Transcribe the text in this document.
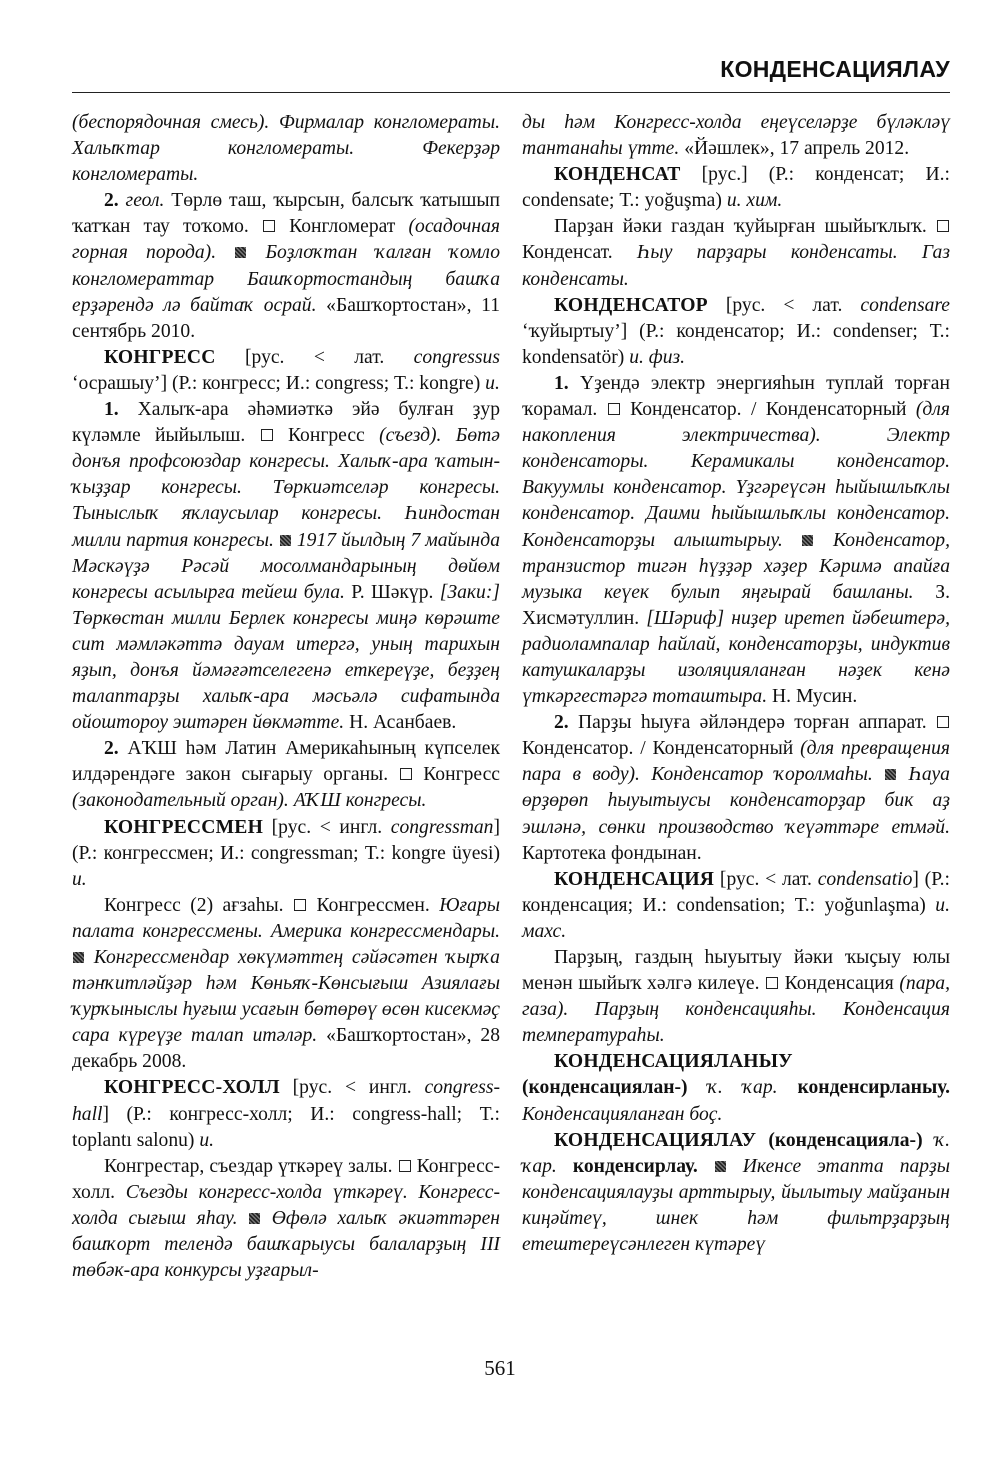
КОНДЕНСАЦИЯЛАУ

(беспорядочная смесь). Фирмалар конгломераты. Халыҡтар конгломераты. Фекерҙәр конгломераты.

2. геол. Төрлө таш, ҡырсын, балсыҡ ҡатышып ҡатҡан тау тоҡомо. Конгломерат (осадочная горная порода).	Боҙлоҡтан ҡалған ҡомло конгломераттар Башҡортостандың башҡа ерҙәрендә лә байтаҡ осрай. «Башҡортостан», 11 сентябрь 2010.

КОНГРЕСС [рус. < лат. congressus ‘осрашыу’] (Р.: конгресс; И.: congress; Т.: kongre) и.

1. Халыҡ-ара әһәмиәткә эйә булған ҙур күләмле йыйылыш. Конгресс (съезд). Бөтә донъя профсоюздар конгресы. Халыҡ-ара ҡатын-ҡыҙҙар конгресы. Төркиәтселәр конгресы. Тыныслыҡ яҡлаусылар конгресы. Һиндостан милли партия конгресы. 1917 йылдың 7 майында Мәскәүҙә Рәсәй мосолмандарының дөйөм конгресы асылырға тейеш була. Р. Шәкүр. [Заки:] Төркөстан милли Берлек конгресы миңә көрәште сит мәмләкәттә дауам итергә, уның тарихын яҙып, донъя йәмәғәтселегенә еткереүҙе, беҙҙең талаптарҙы халыҡ-ара мәсьәлә сифатында ойоштороу эштәрен йөкмәтте. Н. Асанбаев.

2. АҠШ һәм Латин Америкаһының күпселек илдәрендәге закон сығарыу органы. Конгресс (законодательный орган). АҠШ конгресы.

КОНГРЕССМЕН [рус. < ингл. congressman] (Р.: конгрессмен; И.: congressman; Т.: kongre üyesi) и.

Конгресс (2) ағзаһы. Конгрессмен. Юғары палата конгрессмены. Америка конгрессмендары.  Конгрессмендар хөкүмәттең сәйәсәтен ҡырҡа тәнҡитләйҙәр һәм Көньяҡ-Көнсығыш Азиялағы ҡурҡыныслы һуғыш усағын бөтөрөү өсөн кисекмәҫ сара күреүҙе талап итәләр. «Башҡортостан», 28 декабрь 2008.

КОНГРЕСС-ХОЛЛ [рус. < ингл. congress-hall] (Р.: конгресс-холл; И.: congress-hall; Т.: toplantı salonu) и.

Конгрестар, съездар үткәреү залы. Конгресс-холл. Съезды конгресс-холда үткәреү. Конгресс-холда сығыш яһау. Өфөлә халыҡ әкиәттәрен башҡорт телендә башҡарыусы балаларҙың III төбәк-ара конкурсы уҙғарыл-

ды һәм Конгресс-холда еңеүселәрҙе бүләкләү тантанаһы үтте. «Йәшлек», 17 апрель 2012.

КОНДЕНСАТ [рус.] (Р.: конденсат; И.: condensate; Т.: yoğuşma) и. хим.

Парҙан йәки газдан ҡуйырған шыйыҡлыҡ.  Конденсат. Һыу парҙары конденсаты. Газ конденсаты.

КОНДЕНСАТОР [рус. < лат. condensare ‘ҡуйыртыу’] (Р.: конденсатор; И.: condenser; Т.: kondensatör) и. физ.

1. Үҙендә электр энергияһын туплай торған ҡорамал. Конденсатор. / Конденсаторный (для накопления электричества). Электр конденсаторы. Керамикалы конденсатор. Вакуумлы конденсатор. Үҙгәреүсән һыйышлыҡлы конденсатор. Даими һыйышлыҡлы конденсатор. Конденсаторҙы алыштырыу.	Конденсатор, транзистор тигән һүҙҙәр хәҙер Кәримә апайға музыка кеүек булып яңғырай башланы. З. Хисмәтуллин. [Шәриф] ниҙер иретеп йәбештерә, радиолампалар һайлай, конденсаторҙы, индуктив катушкаларҙы изоляцияланған нәҙек кенә үткәргестәргә тоташтыра. Н. Мусин.

2. Парҙы һыуға әйләндерә торған аппарат.  Конденсатор. / Конденсаторный (для превращения пара в воду). Конденсатор ҡоролмаһы. Һауа өрҙөрөп һыуытыусы конденсаторҙар бик аҙ эшләнә, сөнки производство ҡеүәттәре етмәй. Картотека фондынан.

КОНДЕНСАЦИЯ [рус. < лат. condensatio] (Р.: конденсация; И.: condensation; Т.: yoğunlaşma) и. махс.

Парҙың, газдың һыуытыу йәки ҡыҫыу юлы менән шыйыҡ хәлгә килеүе. Конденсация (пара, газа). Парҙың конденсацияһы. Конденсация температураһы.

КОНДЕНСАЦИЯЛАНЫУ (конденсациялан-) ҡ. ҡар. конденсирланыу. Конденсацияланған боҫ.

КОНДЕНСАЦИЯЛАУ (конденсацияла-) ҡ. ҡар. конденсирлау. Икенсе этапта парҙы конденсациялауҙы арттырыу, йылытыу майҙанын киңәйтеү, шнек һәм фильтрҙарҙың етештереүсәнлеген күтәреү

561
